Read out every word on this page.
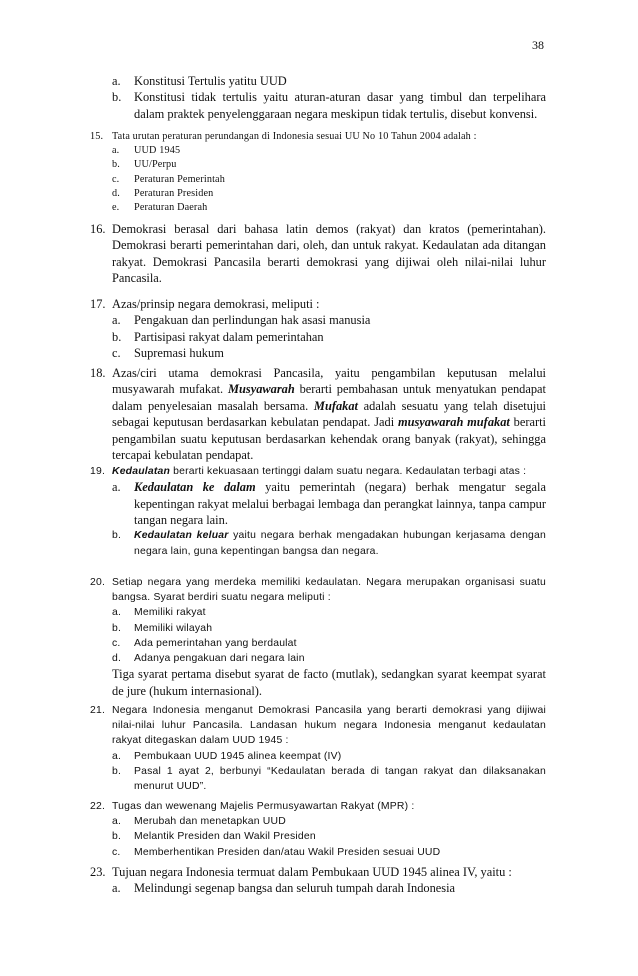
38
a. Konstitusi Tertulis yatitu UUD
b. Konstitusi tidak tertulis yaitu aturan-aturan dasar yang timbul dan terpelihara dalam praktek penyelenggaraan negara meskipun tidak tertulis, disebut konvensi.
15. Tata urutan peraturan perundangan di Indonesia sesuai UU No 10 Tahun 2004 adalah :
a. UUD 1945
b. UU/Perpu
c. Peraturan Pemerintah
d. Peraturan Presiden
e. Peraturan Daerah
16. Demokrasi berasal dari bahasa latin demos (rakyat) dan kratos (pemerintahan). Demokrasi berarti pemerintahan dari, oleh, dan untuk rakyat. Kedaulatan ada ditangan rakyat. Demokrasi Pancasila berarti demokrasi yang dijiwai oleh nilai-nilai luhur Pancasila.
17. Azas/prinsip negara demokrasi, meliputi :
a. Pengakuan dan perlindungan hak asasi manusia
b. Partisipasi rakyat dalam pemerintahan
c. Supremasi hukum
18. Azas/ciri utama demokrasi Pancasila, yaitu pengambilan keputusan melalui musyawarah mufakat. Musyawarah berarti pembahasan untuk menyatukan pendapat dalam penyelesaian masalah bersama. Mufakat adalah sesuatu yang telah disetujui sebagai keputusan berdasarkan kebulatan pendapat. Jadi musyawarah mufakat berarti pengambilan suatu keputusan berdasarkan kehendak orang banyak (rakyat), sehingga tercapai kebulatan pendapat.
19. Kedaulatan berarti kekuasaan tertinggi dalam suatu negara. Kedaulatan terbagi atas :
a. Kedaulatan ke dalam yaitu pemerintah (negara) berhak mengatur segala kepentingan rakyat melalui berbagai lembaga dan perangkat lainnya, tanpa campur tangan negara lain.
b. Kedaulatan keluar yaitu negara berhak mengadakan hubungan kerjasama dengan negara lain, guna kepentingan bangsa dan negara.
20. Setiap negara yang merdeka memiliki kedaulatan. Negara merupakan organisasi suatu bangsa. Syarat berdiri suatu negara meliputi :
a. Memiliki rakyat
b. Memiliki wilayah
c. Ada pemerintahan yang berdaulat
d. Adanya pengakuan dari negara lain
Tiga syarat pertama disebut syarat de facto (mutlak), sedangkan syarat keempat syarat de jure (hukum internasional).
21. Negara Indonesia menganut Demokrasi Pancasila yang berarti demokrasi yang dijiwai nilai-nilai luhur Pancasila. Landasan hukum negara Indonesia menganut kedaulatan rakyat ditegaskan dalam UUD 1945 :
a. Pembukaan UUD 1945 alinea keempat (IV)
b. Pasal 1 ayat 2, berbunyi “Kedaulatan berada di tangan rakyat dan dilaksanakan menurut UUD”.
22. Tugas dan wewenang Majelis Permusyawartan Rakyat (MPR) :
a. Merubah dan menetapkan UUD
b. Melantik Presiden dan Wakil Presiden
c. Memberhentikan Presiden dan/atau Wakil Presiden sesuai UUD
23. Tujuan negara Indonesia termuat dalam Pembukaan UUD 1945 alinea IV, yaitu :
a. Melindungi segenap bangsa dan seluruh tumpah darah Indonesia
